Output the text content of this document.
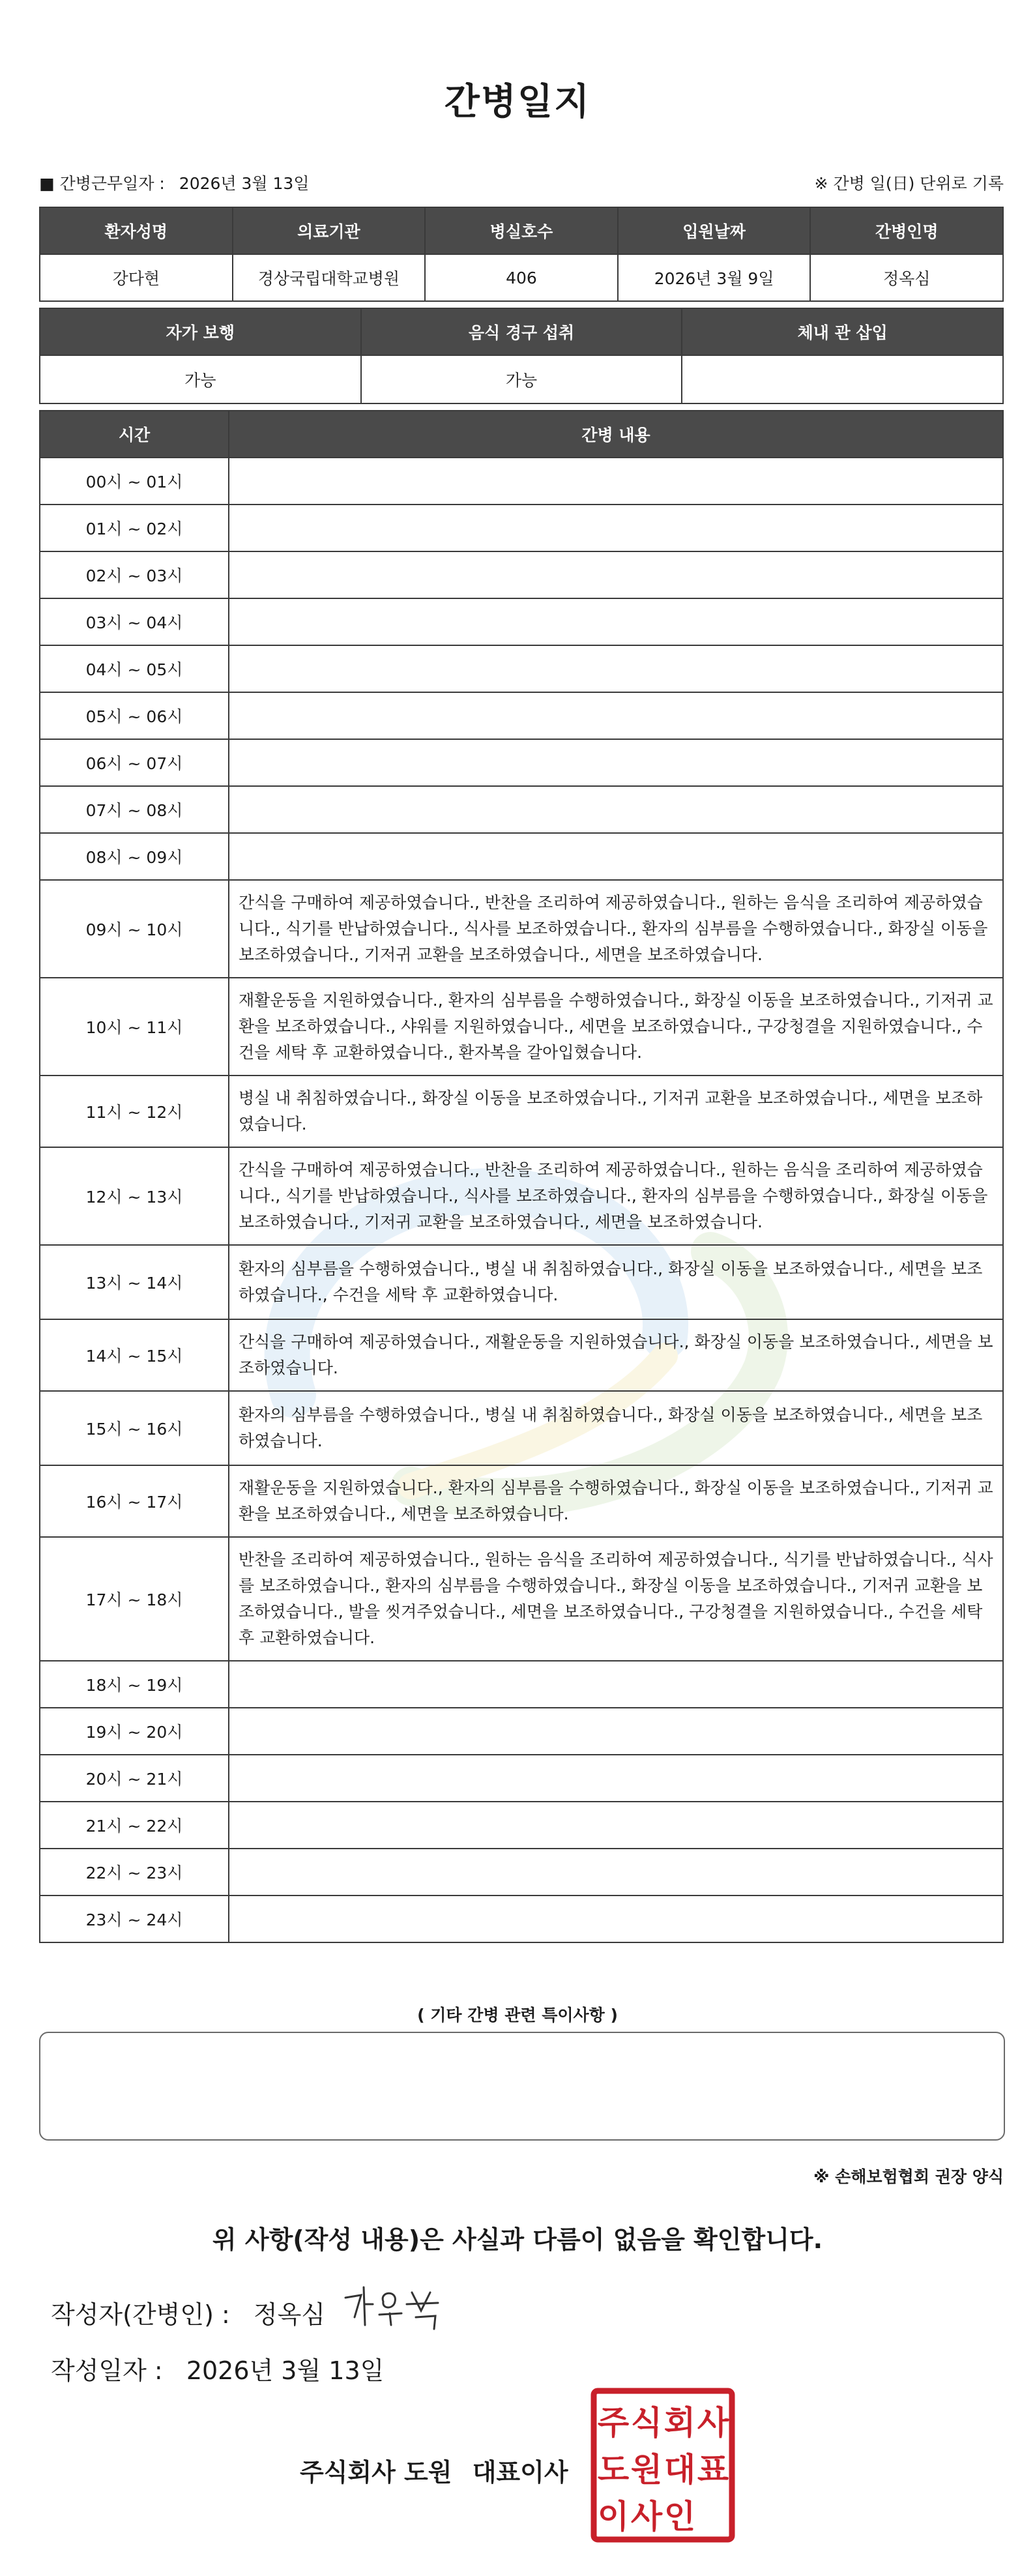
간병일지
■ 간병근무일자 : 2026년 3월 13일	※ 간병 일(日) 단위로 기록
환자성명	의료기관	병실호수	입원날짜	간병인명
강다현	경상국립대학교병원	406	2026년 3월 9일	정옥심
자가 보행	음식 경구 섭취	체내 관 삽입
가능	가능	
시간	간병 내용
00시 ~ 01시	
01시 ~ 02시	
02시 ~ 03시	
03시 ~ 04시	
04시 ~ 05시	
05시 ~ 06시	
06시 ~ 07시	
07시 ~ 08시	
08시 ~ 09시	
09시 ~ 10시	간식을 구매하여 제공하였습니다., 반찬을 조리하여 제공하였습니다., 원하는 음식을 조리하여 제공하였습니다., 식기를 반납하였습니다., 식사를 보조하였습니다., 환자의 심부름을 수행하였습니다., 화장실 이동을 보조하였습니다., 기저귀 교환을 보조하였습니다., 세면을 보조하였습니다.
10시 ~ 11시	재활운동을 지원하였습니다., 환자의 심부름을 수행하였습니다., 화장실 이동을 보조하였습니다., 기저귀 교환을 보조하였습니다., 샤워를 지원하였습니다., 세면을 보조하였습니다., 구강청결을 지원하였습니다., 수건을 세탁 후 교환하였습니다., 환자복을 갈아입혔습니다.
11시 ~ 12시	병실 내 취침하였습니다., 화장실 이동을 보조하였습니다., 기저귀 교환을 보조하였습니다., 세면을 보조하였습니다.
12시 ~ 13시	간식을 구매하여 제공하였습니다., 반찬을 조리하여 제공하였습니다., 원하는 음식을 조리하여 제공하였습니다., 식기를 반납하였습니다., 식사를 보조하였습니다., 환자의 심부름을 수행하였습니다., 화장실 이동을 보조하였습니다., 기저귀 교환을 보조하였습니다., 세면을 보조하였습니다.
13시 ~ 14시	환자의 심부름을 수행하였습니다., 병실 내 취침하였습니다., 화장실 이동을 보조하였습니다., 세면을 보조하였습니다., 수건을 세탁 후 교환하였습니다.
14시 ~ 15시	간식을 구매하여 제공하였습니다., 재활운동을 지원하였습니다., 화장실 이동을 보조하였습니다., 세면을 보조하였습니다.
15시 ~ 16시	환자의 심부름을 수행하였습니다., 병실 내 취침하였습니다., 화장실 이동을 보조하였습니다., 세면을 보조하였습니다.
16시 ~ 17시	재활운동을 지원하였습니다., 환자의 심부름을 수행하였습니다., 화장실 이동을 보조하였습니다., 기저귀 교환을 보조하였습니다., 세면을 보조하였습니다.
17시 ~ 18시	반찬을 조리하여 제공하였습니다., 원하는 음식을 조리하여 제공하였습니다., 식기를 반납하였습니다., 식사를 보조하였습니다., 환자의 심부름을 수행하였습니다., 화장실 이동을 보조하였습니다., 기저귀 교환을 보조하였습니다., 발을 씻겨주었습니다., 세면을 보조하였습니다., 구강청결을 지원하였습니다., 수건을 세탁 후 교환하였습니다.
18시 ~ 19시	
19시 ~ 20시	
20시 ~ 21시	
21시 ~ 22시	
22시 ~ 23시	
23시 ~ 24시	
( 기타 간병 관련 특이사항 )
※ 손해보험협회 권장 양식
위 사항(작성 내용)은 사실과 다름이 없음을 확인합니다.
작성자(간병인) : 정옥심
작성일자 : 2026년 3월 13일
주식회사 도원 대표이사
주 식 회 사
도 원 대 표
이 사 인
